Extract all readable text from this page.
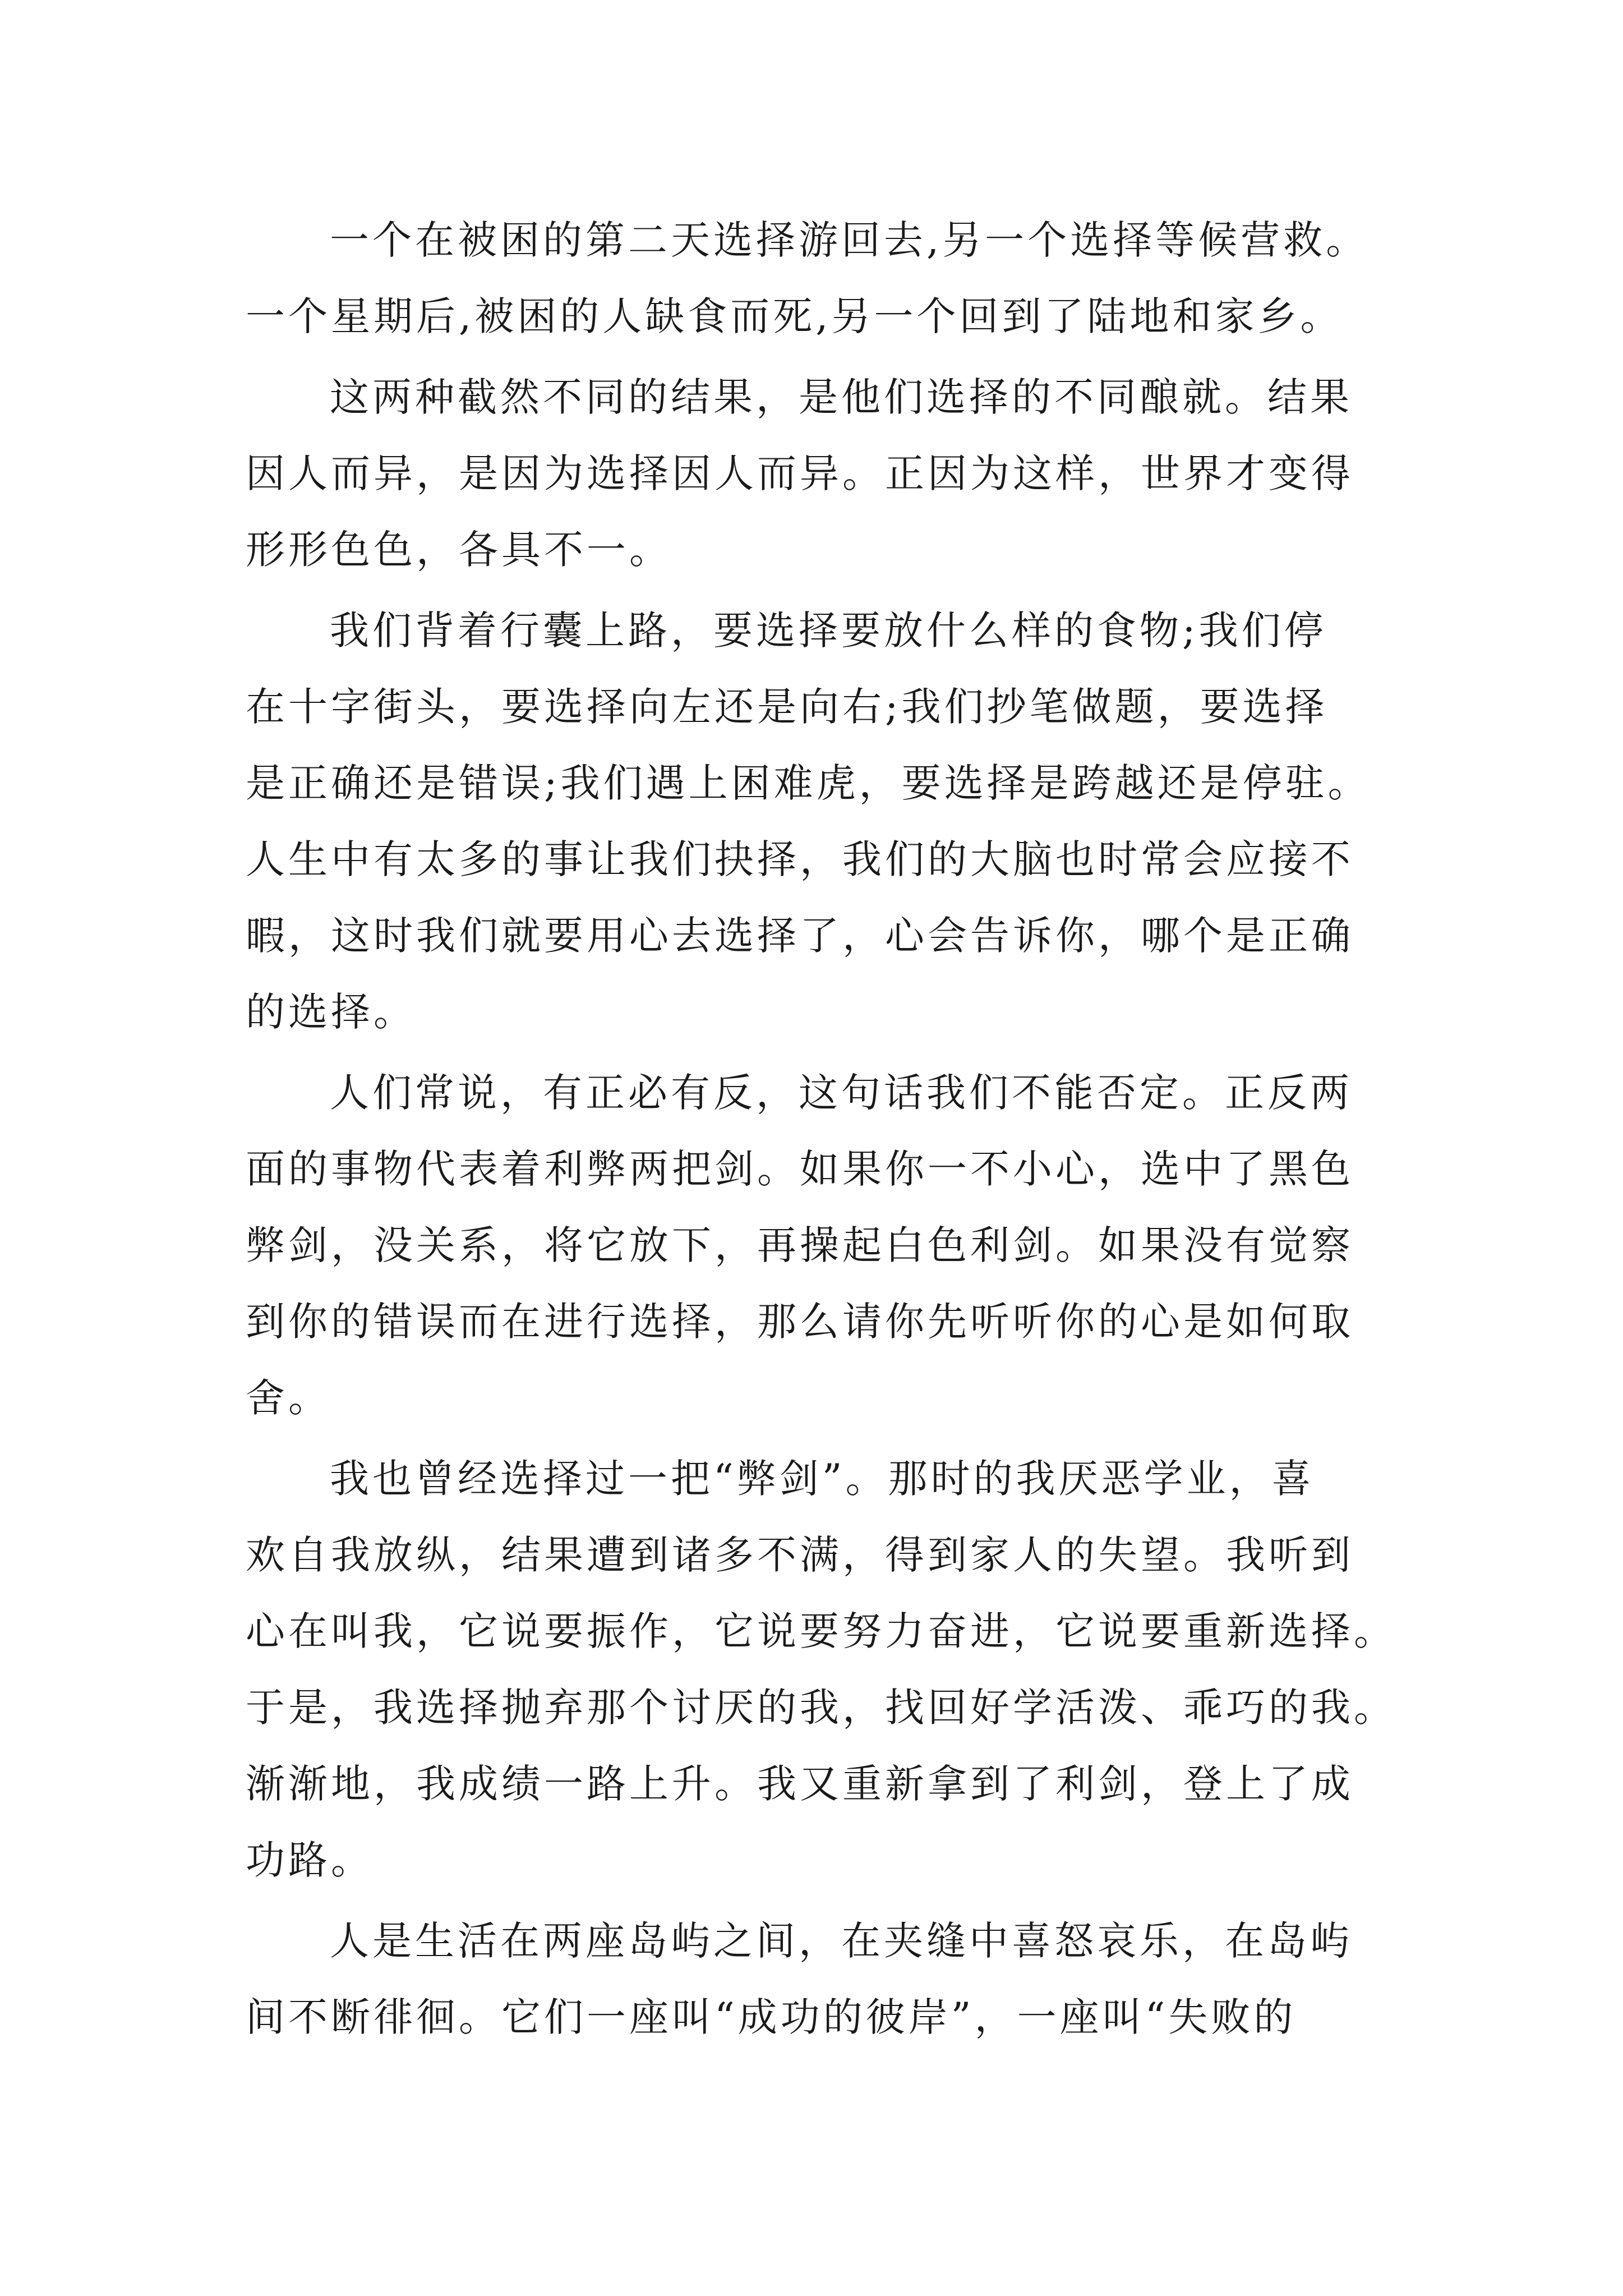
一个在被困的第二天选择游回去,另一个选择等候营救。
一个星期后,被困的人缺食而死,另一个回到了陆地和家乡。
这两种截然不同的结果，是他们选择的不同酿就。结果
因人而异，是因为选择因人而异。正因为这样，世界才变得
形形色色，各具不一。
我们背着行囊上路，要选择要放什么样的食物;我们停
在十字街头，要选择向左还是向右;我们抄笔做题，要选择
是正确还是错误;我们遇上困难虎，要选择是跨越还是停驻。
人生中有太多的事让我们抉择，我们的大脑也时常会应接不
暇，这时我们就要用心去选择了，心会告诉你，哪个是正确
的选择。
人们常说，有正必有反，这句话我们不能否定。正反两
面的事物代表着利弊两把剑。如果你一不小心，选中了黑色
弊剑，没关系，将它放下，再操起白色利剑。如果没有觉察
到你的错误而在进行选择，那么请你先听听你的心是如何取
舍。
我也曾经选择过一把“弊剑”。那时的我厌恶学业，喜
欢自我放纵，结果遭到诸多不满，得到家人的失望。我听到
心在叫我，它说要振作，它说要努力奋进，它说要重新选择。
于是，我选择抛弃那个讨厌的我，找回好学活泼、乖巧的我。
渐渐地，我成绩一路上升。我又重新拿到了利剑，登上了成
功路。
人是生活在两座岛屿之间，在夹缝中喜怒哀乐，在岛屿
间不断徘徊。它们一座叫“成功的彼岸”，一座叫“失败的
